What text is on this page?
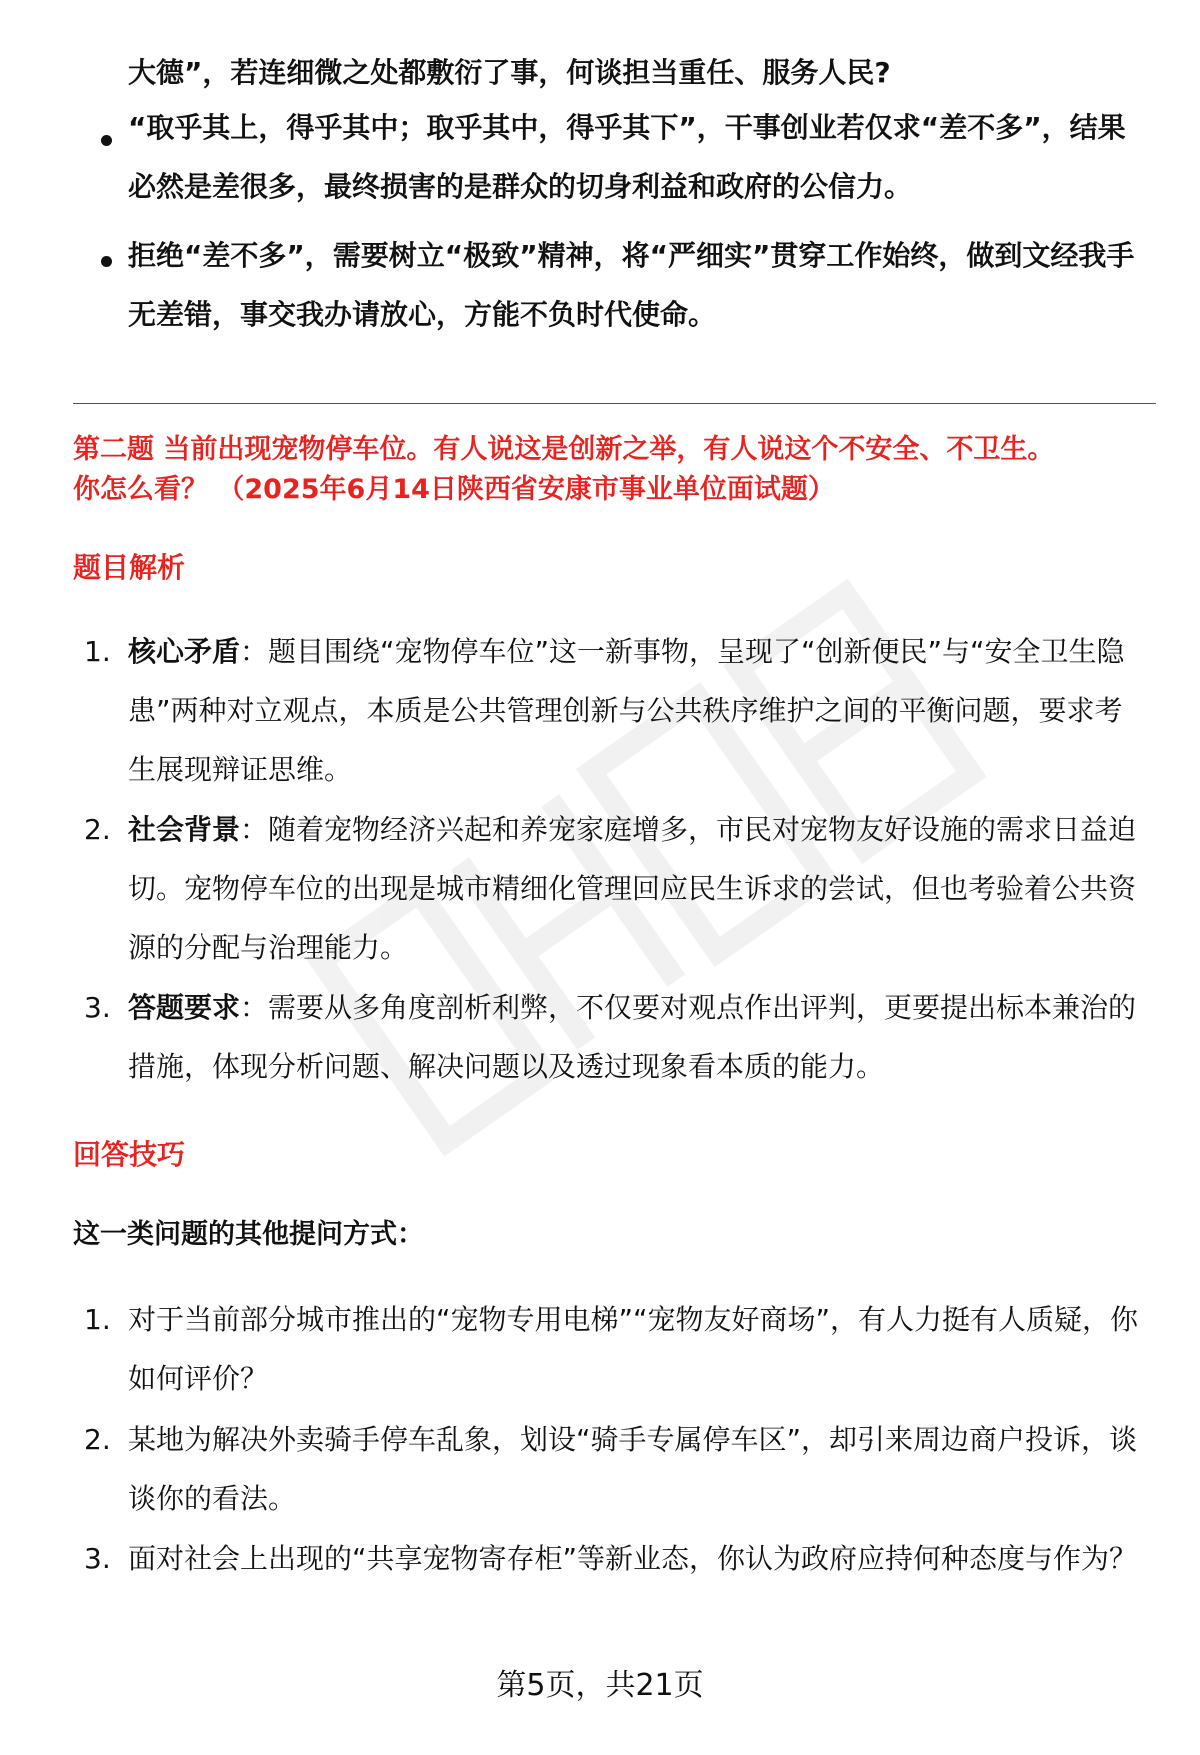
大德”，若连细微之处都敷衍了事，何谈担当重任、服务人民?
“取乎其上，得乎其中；取乎其中，得乎其下”，干事创业若仅求“差不多”，结果必然是差很多，最终损害的是群众的切身利益和政府的公信力。
拒绝“差不多”，需要树立“极致”精神，将“严细实”贯穿工作始终，做到文经我手无差错，事交我办请放心，方能不负时代使命。
第二题 当前出现宠物停车位。有人说这是创新之举，有人说这个不安全、不卫生。
你怎么看？ （2025年6月14日陕西省安康市事业单位面试题）
题目解析
1. 核心矛盾：题目围绕“宠物停车位”这一新事物，呈现了“创新便民”与“安全卫生隐患”两种对立观点，本质是公共管理创新与公共秩序维护之间的平衡问题，要求考生展现辩证思维。
2. 社会背景：随着宠物经济兴起和养宠家庭增多，市民对宠物友好设施的需求日益迫切。宠物停车位的出现是城市精细化管理回应民生诉求的尝试，但也考验着公共资源的分配与治理能力。
3. 答题要求：需要从多角度剖析利弊，不仅要对观点作出评判，更要提出标本兼治的措施，体现分析问题、解决问题以及透过现象看本质的能力。
回答技巧
这一类问题的其他提问方式：
1. 对于当前部分城市推出的“宠物专用电梯”“宠物友好商场”，有人力挺有人质疑，你如何评价？
2. 某地为解决外卖骑手停车乱象，划设“骑手专属停车区”，却引来周边商户投诉，谈谈你的看法。
3. 面对社会上出现的“共享宠物寄存柜”等新业态，你认为政府应持何种态度与作为？
第5页，共21页
